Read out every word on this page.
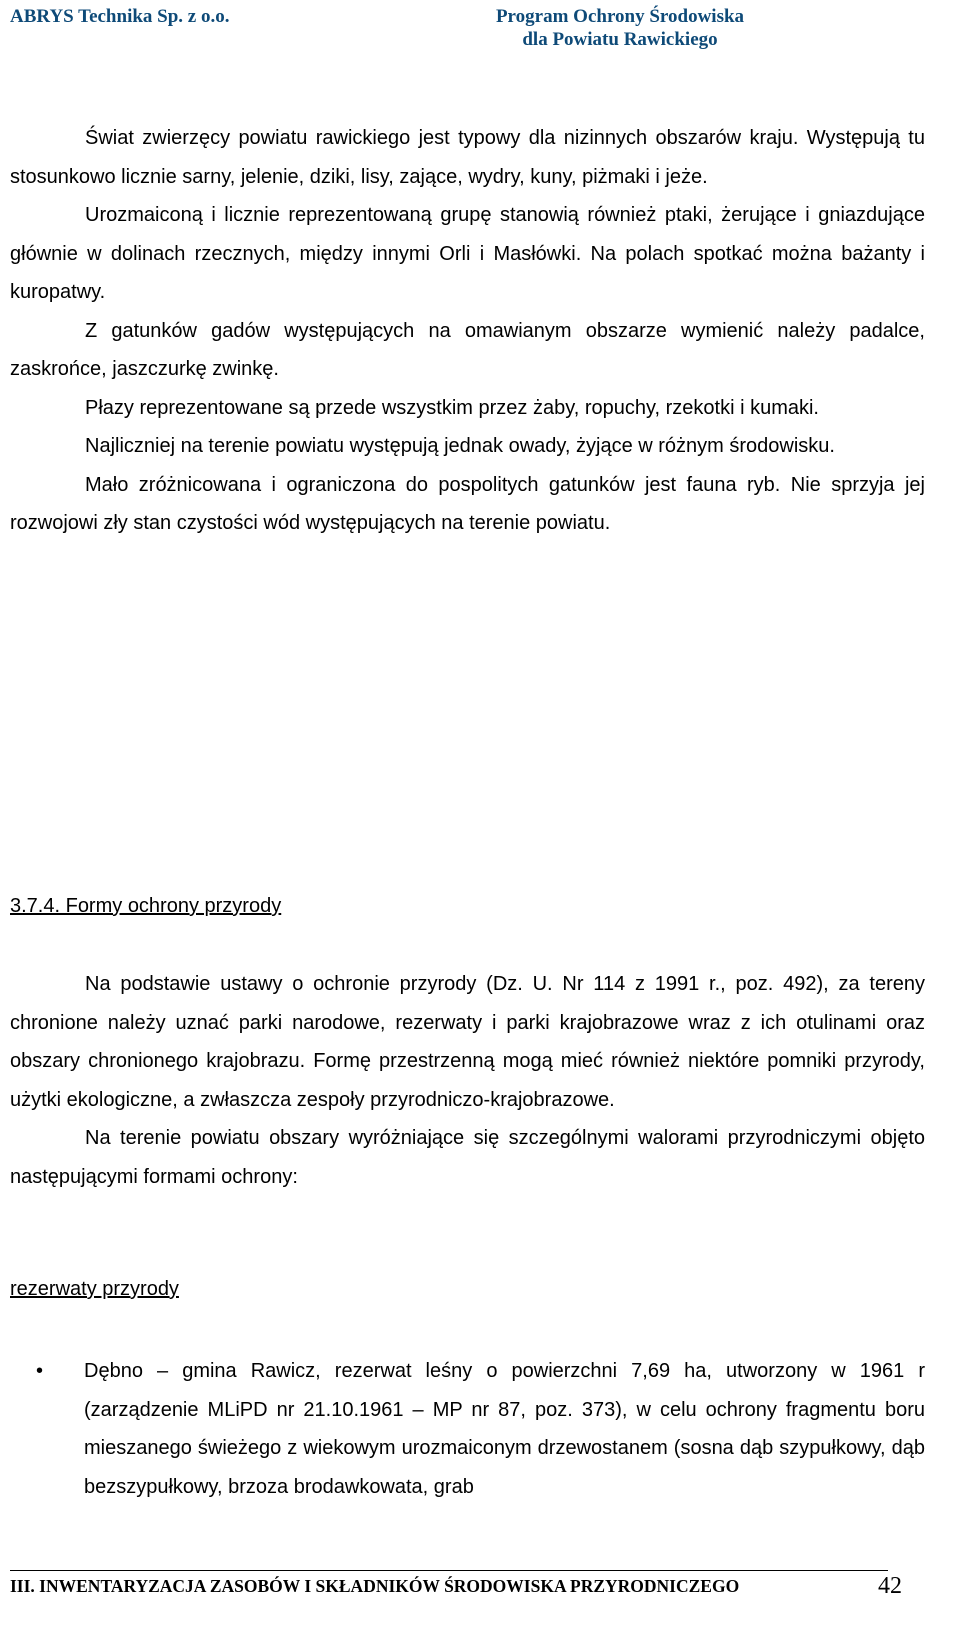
ABRYS Technika Sp. z o.o.	Program Ochrony Środowiska
dla Powiatu Rawickiego

Świat zwierzęcy powiatu rawickiego jest typowy dla nizinnych obszarów kraju. Występują tu stosunkowo licznie sarny, jelenie, dziki, lisy, zające, wydry, kuny, piżmaki i jeże.

Urozmaiconą i licznie reprezentowaną grupę stanowią również ptaki, żerujące i gniazdujące głównie w dolinach rzecznych, między innymi Orli i Masłówki. Na polach spotkać można bażanty i kuropatwy.

Z gatunków gadów występujących na omawianym obszarze wymienić należy padalce, zaskrońce, jaszczurkę zwinkę.

Płazy reprezentowane są przede wszystkim przez żaby, ropuchy, rzekotki i kumaki.

Najliczniej na terenie powiatu występują jednak owady, żyjące w różnym środowisku.

Mało zróżnicowana i ograniczona do pospolitych gatunków jest fauna ryb. Nie sprzyja jej rozwojowi zły stan czystości wód występujących na terenie powiatu.

3.7.4. Formy ochrony przyrody

Na podstawie ustawy o ochronie przyrody (Dz. U. Nr 114 z 1991 r., poz. 492), za tereny chronione należy uznać parki narodowe, rezerwaty i parki krajobrazowe wraz z ich otulinami oraz obszary chronionego krajobrazu. Formę przestrzenną mogą mieć również niektóre pomniki przyrody, użytki ekologiczne, a zwłaszcza zespoły przyrodniczo-krajobrazowe.

Na terenie powiatu obszary wyróżniające się szczególnymi walorami przyrodniczymi objęto następującymi formami ochrony:

rezerwaty przyrody
• Dębno – gmina Rawicz, rezerwat leśny o powierzchni 7,69 ha, utworzony w 1961 r (zarządzenie MLiPD nr 21.10.1961 – MP nr 87, poz. 373), w celu ochrony fragmentu boru mieszanego świeżego z wiekowym urozmaiconym drzewostanem (sosna dąb szypułkowy, dąb bezszypułkowy, brzoza brodawkowata, grab
III. INWENTARYZACJA ZASOBÓW I SKŁADNIKÓW ŚRODOWISKA PRZYRODNICZEGO	42
